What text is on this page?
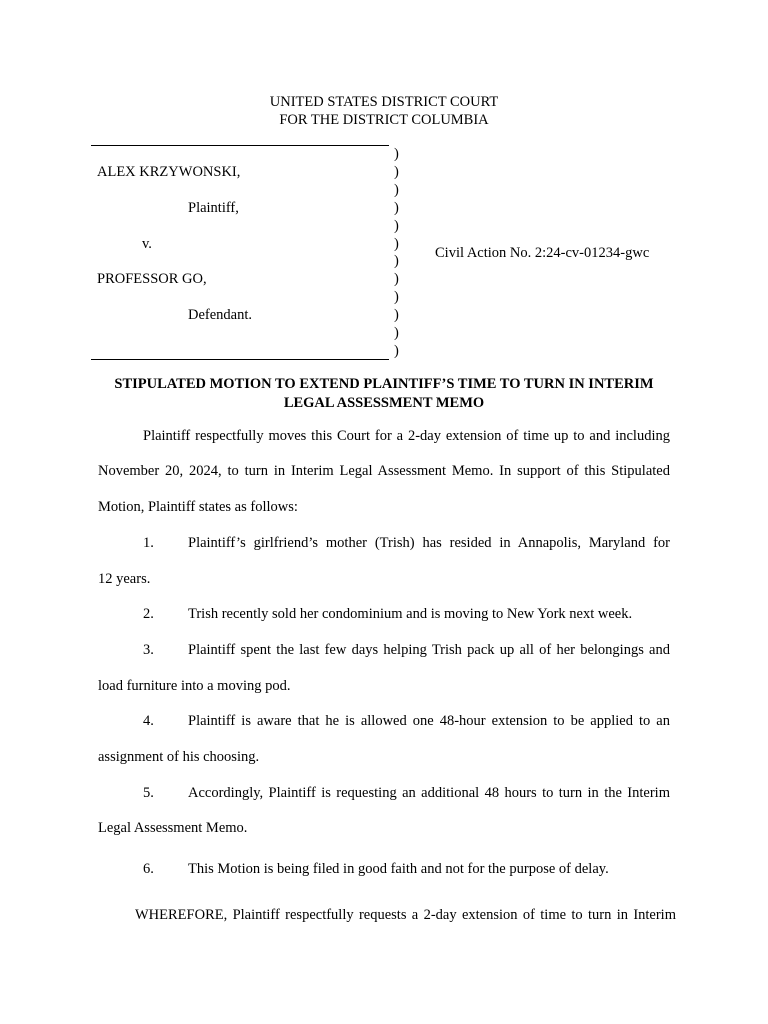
UNITED STATES DISTRICT COURT
FOR THE DISTRICT COLUMBIA
ALEX KRZYWONSKI,
Plaintiff,
v.
PROFESSOR GO,
Defendant.
)
)
)
)
)
)
)
)
)
)
)
)
Civil Action No. 2:24-cv-01234-gwc
STIPULATED MOTION TO EXTEND PLAINTIFF’S TIME TO TURN IN INTERIM
LEGAL ASSESSMENT MEMO
Plaintiff respectfully moves this Court for a 2-day extension of time up to and including
November 20, 2024, to turn in Interim Legal Assessment Memo. In support of this Stipulated
Motion, Plaintiff states as follows:
1. Plaintiff’s girlfriend’s mother (Trish) has resided in Annapolis, Maryland for
12 years.
2. Trish recently sold her condominium and is moving to New York next week.
3. Plaintiff spent the last few days helping Trish pack up all of her belongings and
load furniture into a moving pod.
4. Plaintiff is aware that he is allowed one 48-hour extension to be applied to an
assignment of his choosing.
5. Accordingly, Plaintiff is requesting an additional 48 hours to turn in the Interim
Legal Assessment Memo.
6. This Motion is being filed in good faith and not for the purpose of delay.
WHEREFORE, Plaintiff respectfully requests a 2-day extension of time to turn in Interim
